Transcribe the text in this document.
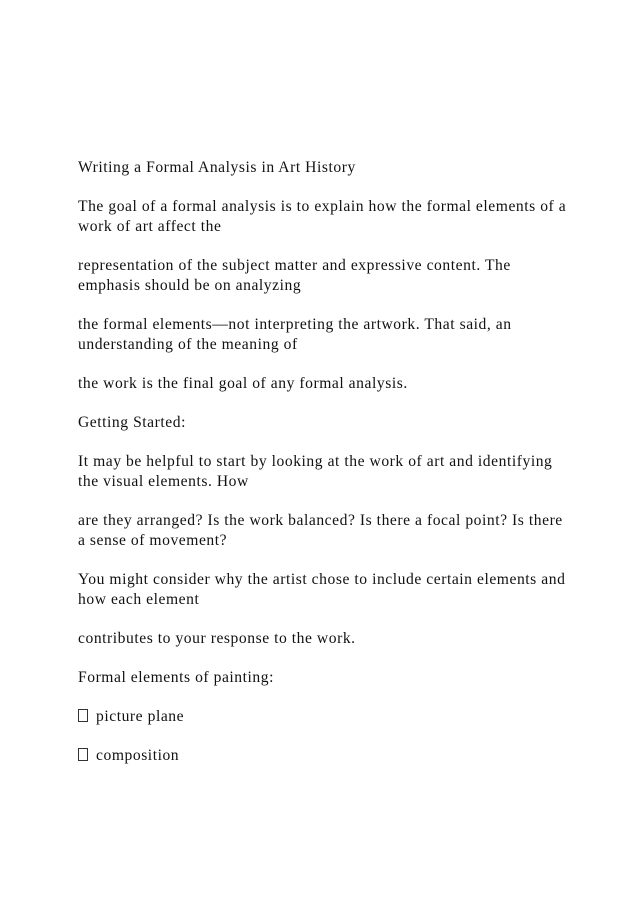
Writing a Formal Analysis in Art History
The goal of a formal analysis is to explain how the formal elements of a work of art affect the
representation of the subject matter and expressive content. The emphasis should be on analyzing
the formal elements—not interpreting the artwork. That said, an understanding of the meaning of
the work is the final goal of any formal analysis.
Getting Started:
It may be helpful to start by looking at the work of art and identifying the visual elements. How
are they arranged? Is the work balanced? Is there a focal point? Is there a sense of movement?
You might consider why the artist chose to include certain elements and how each element
contributes to your response to the work.
Formal elements of painting:
picture plane
composition
